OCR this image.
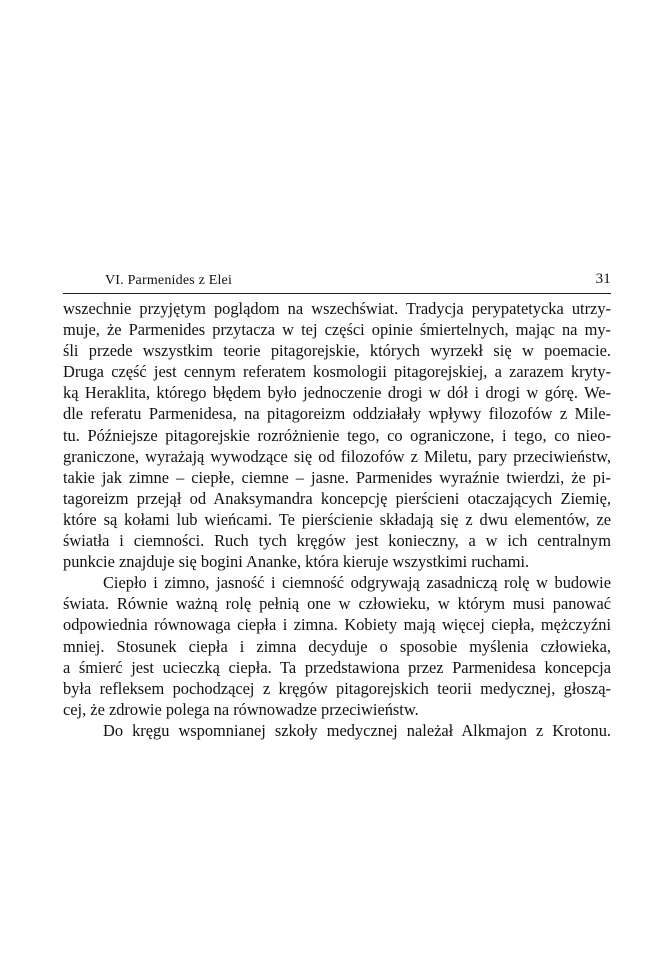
VI. Parmenides z Elei	31
wszechnie przyjętym poglądom na wszechświat. Tradycja perypatetycka utrzy-
muje, że Parmenides przytacza w tej części opinie śmiertelnych, mając na my-
śli przede wszystkim teorie pitagorejskie, których wyrzekł się w poemacie.
Druga część jest cennym referatem kosmologii pitagorejskiej, a zarazem kryty-
ką Heraklita, którego błędem było jednoczenie drogi w dół i drogi w górę. We-
dle referatu Parmenidesa, na pitagoreizm oddziałały wpływy filozofów z Mile-
tu. Późniejsze pitagorejskie rozróżnienie tego, co ograniczone, i tego, co nieo-
graniczone, wyrażają wywodzące się od filozofów z Miletu, pary przeciwieństw,
takie jak zimne – ciepłe, ciemne – jasne. Parmenides wyraźnie twierdzi, że pi-
tagoreizm przejął od Anaksymandra koncepcję pierścieni otaczających Ziemię,
które są kołami lub wieńcami. Te pierścienie składają się z dwu elementów, ze
światła i ciemności. Ruch tych kręgów jest konieczny, a w ich centralnym
punkcie znajduje się bogini Ananke, która kieruje wszystkimi ruchami.
Ciepło i zimno, jasność i ciemność odgrywają zasadniczą rolę w budowie
świata. Równie ważną rolę pełnią one w człowieku, w którym musi panować
odpowiednia równowaga ciepła i zimna. Kobiety mają więcej ciepła, mężczyźni
mniej. Stosunek ciepła i zimna decyduje o sposobie myślenia człowieka,
a śmierć jest ucieczką ciepła. Ta przedstawiona przez Parmenidesa koncepcja
była refleksem pochodzącej z kręgów pitagorejskich teorii medycznej, głoszą-
cej, że zdrowie polega na równowadze przeciwieństw.
Do kręgu wspomnianej szkoły medycznej należał Alkmajon z Krotonu.
